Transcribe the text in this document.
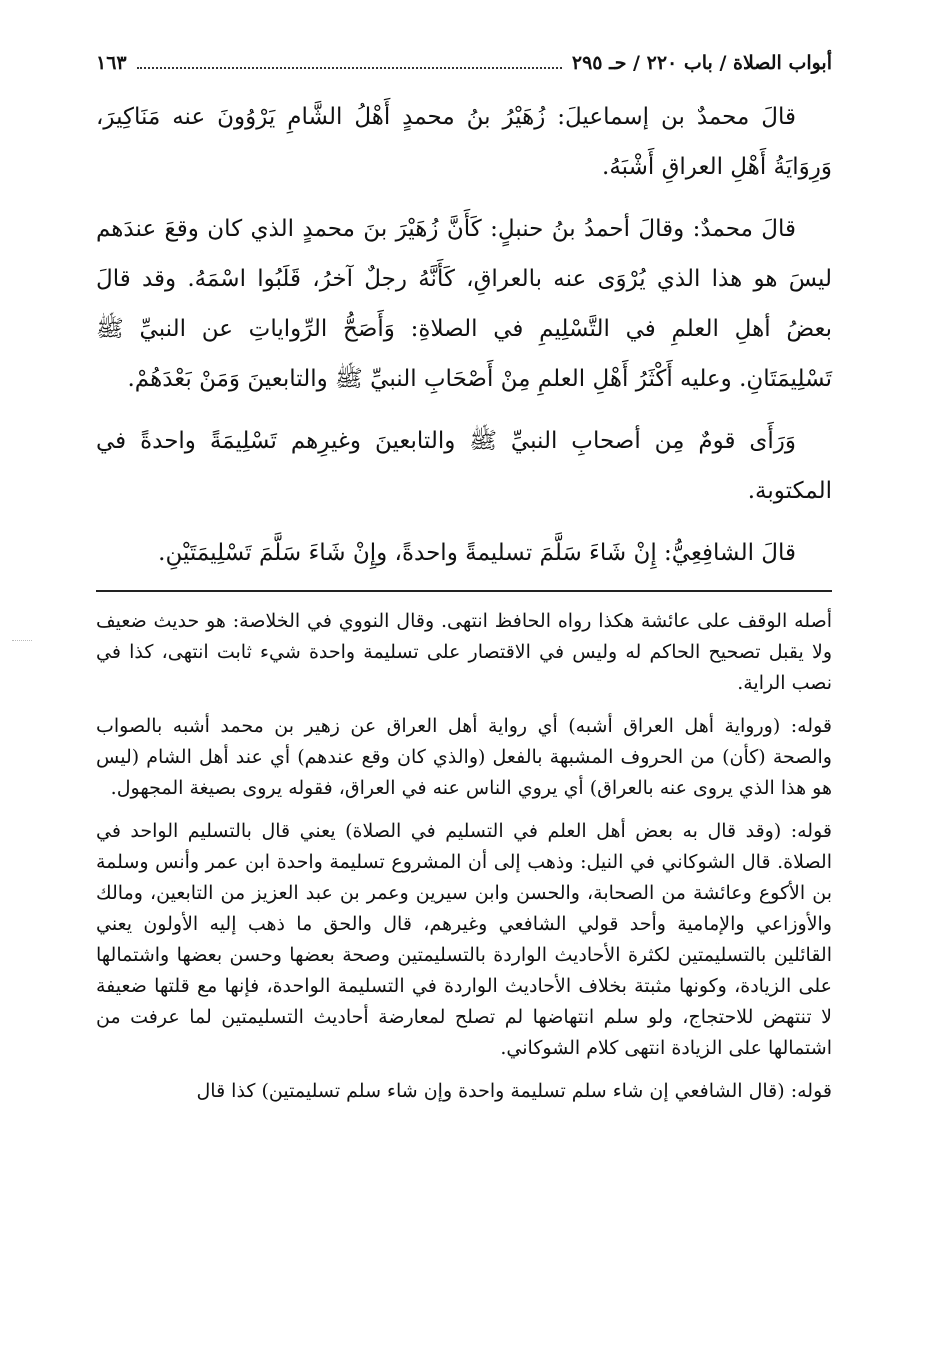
أبواب الصلاة / باب ٢٢٠ / حـ ٢٩٥
١٦٣

قالَ محمدٌ بن إسماعيلَ: زُهَيْرُ بنُ محمدٍ أَهْلُ الشَّامِ يَرْوُونَ عنه مَنَاكِيرَ، وَرِوَايَةُ أَهْلِ العراقِ أَشْبَهُ.

قالَ محمدٌ: وقالَ أحمدُ بنُ حنبلٍ: كَأَنَّ زُهَيْرَ بنَ محمدٍ الذي كان وقعَ عندَهم ليسَ هو هذا الذي يُرْوَى عنه بالعراقِ، كَأَنَّهُ رجلٌ آخرُ، قَلَبُوا اسْمَهُ. وقد قالَ بعضُ أهلِ العلمِ في التَّسْلِيمِ في الصلاةِ: وَأَصَحُّ الرِّواياتِ عن النبيِّ ﷺ تَسْلِيمَتَانِ. وعليه أَكْثَرُ أَهْلِ العلمِ مِنْ أَصْحَابِ النبيِّ ﷺ والتابعينَ وَمَنْ بَعْدَهُمْ.

وَرَأَى قومٌ مِن أصحابِ النبيِّ ﷺ والتابعينَ وغيرِهم تَسْلِيمَةً واحدةً في المكتوبة.

قالَ الشافِعِيُّ: إِنْ شَاءَ سَلَّمَ تسليمةً واحدةً، وإِنْ شَاءَ سَلَّمَ تَسْلِيمَتَيْنِ.

أصله الوقف على عائشة هكذا رواه الحافظ انتهى. وقال النووي في الخلاصة: هو حديث ضعيف ولا يقبل تصحيح الحاكم له وليس في الاقتصار على تسليمة واحدة شيء ثابت انتهى، كذا في نصب الراية.

قوله: (ورواية أهل العراق أشبه) أي رواية أهل العراق عن زهير بن محمد أشبه بالصواب والصحة (كأن) من الحروف المشبهة بالفعل (والذي كان وقع عندهم) أي عند أهل الشام (ليس هو هذا الذي يروى عنه بالعراق) أي يروي الناس عنه في العراق، فقوله يروى بصيغة المجهول.

قوله: (وقد قال به بعض أهل العلم في التسليم في الصلاة) يعني قال بالتسليم الواحد في الصلاة. قال الشوكاني في النيل: وذهب إلى أن المشروع تسليمة واحدة ابن عمر وأنس وسلمة بن الأكوع وعائشة من الصحابة، والحسن وابن سيرين وعمر بن عبد العزيز من التابعين، ومالك والأوزاعي والإمامية وأحد قولي الشافعي وغيرهم، قال والحق ما ذهب إليه الأولون يعني القائلين بالتسليمتين لكثرة الأحاديث الواردة بالتسليمتين وصحة بعضها وحسن بعضها واشتمالها على الزيادة، وكونها مثبتة بخلاف الأحاديث الواردة في التسليمة الواحدة، فإنها مع قلتها ضعيفة لا تنتهض للاحتجاج، ولو سلم انتهاضها لم تصلح لمعارضة أحاديث التسليمتين لما عرفت من اشتمالها على الزيادة انتهى كلام الشوكاني.

قوله: (قال الشافعي إن شاء سلم تسليمة واحدة وإن شاء سلم تسليمتين) كذا قال
